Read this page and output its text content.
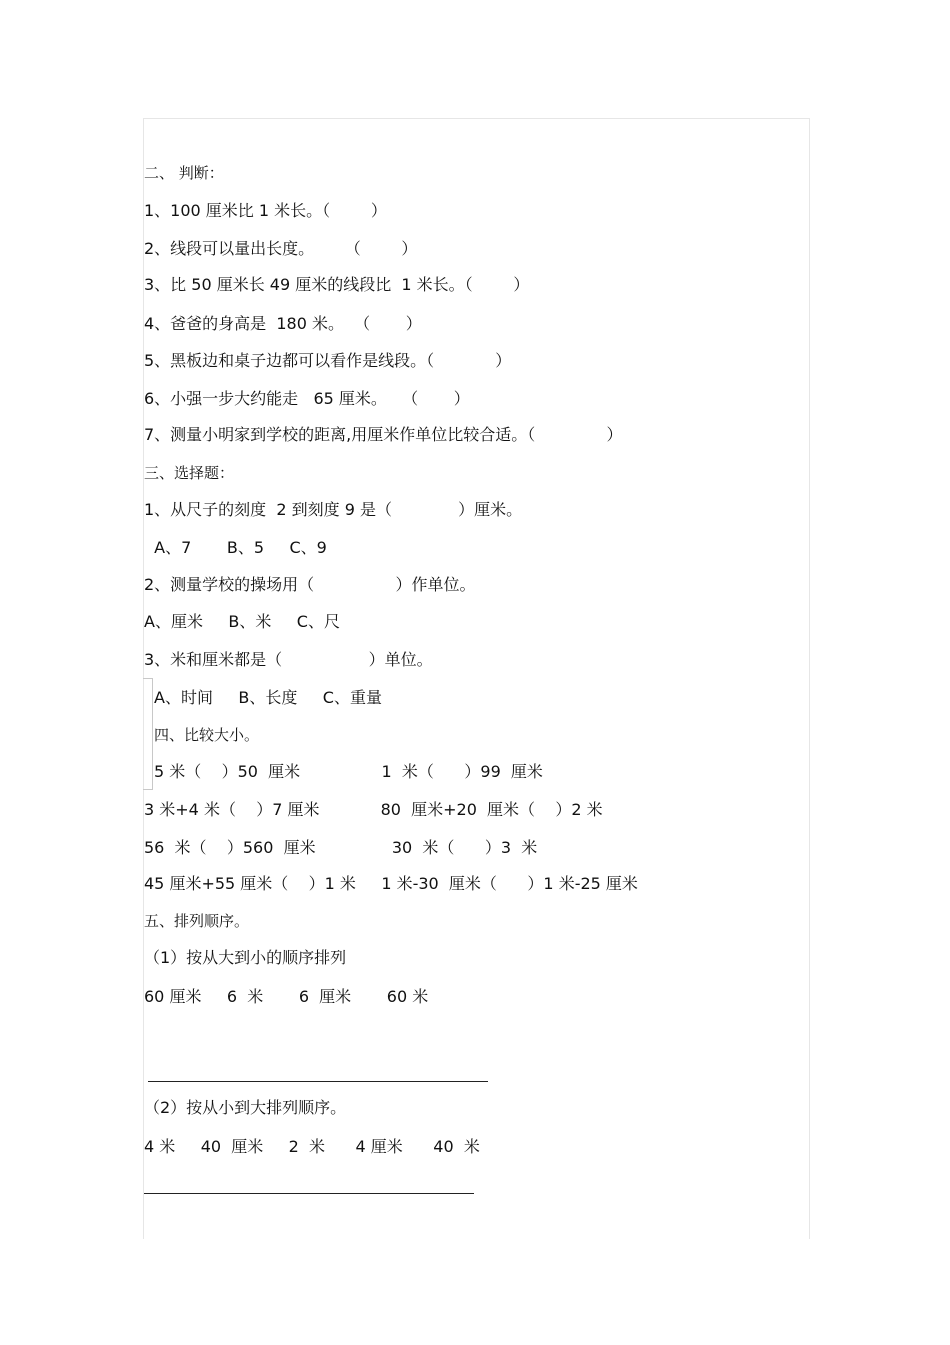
二、 判断：
1、100 厘米比 1 米长。（        ）
2、线段可以量出长度。      （        ）
3、比 50 厘米长 49 厘米的线段比  1 米长。（        ）
4、爸爸的身高是  180 米。  （       ）
5、黑板边和桌子边都可以看作是线段。（            ）
6、小强一步大约能走   65 厘米。   （       ）
7、测量小明家到学校的距离,用厘米作单位比较合适。（              ）
三、选择题：
1、从尺子的刻度  2 到刻度 9 是（             ）厘米。
A、7       B、5     C、9
2、测量学校的操场用（                ）作单位。
A、厘米     B、米     C、尺
3、米和厘米都是（                 ）单位。
A、时间     B、长度     C、重量
四、比较大小。
5 米（    ）50  厘米                1  米（      ）99  厘米
3 米+4 米（    ）7 厘米            80  厘米+20  厘米（    ）2 米
56  米（    ）560  厘米               30  米（      ）3  米
45 厘米+55 厘米（    ）1 米     1 米-30  厘米（      ）1 米-25 厘米
五、排列顺序。
（1）按从大到小的顺序排列
60 厘米     6  米       6  厘米       60 米
（2）按从小到大排列顺序。
4 米     40  厘米     2  米      4 厘米      40  米
